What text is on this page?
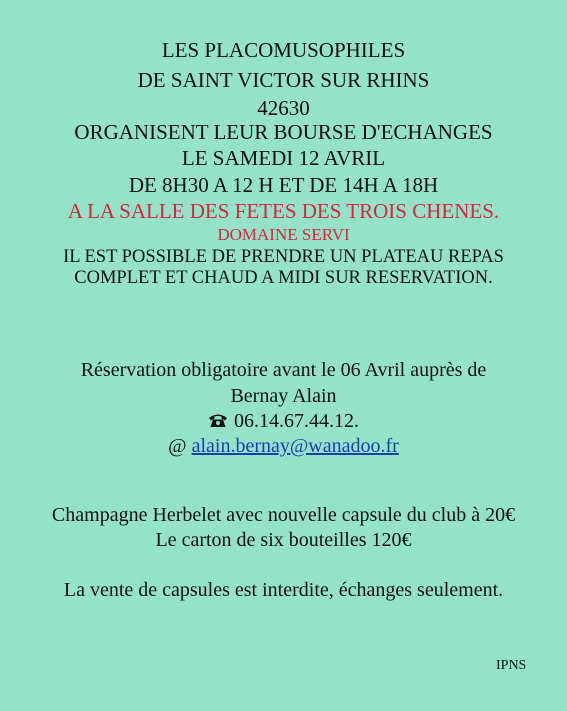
LES PLACOMUSOPHILES
DE SAINT VICTOR SUR RHINS
42630
ORGANISENT LEUR BOURSE D'ECHANGES
LE SAMEDI 12 AVRIL
DE 8H30 A 12 H ET DE 14H A 18H
A LA SALLE DES FETES DES TROIS CHENES.
DOMAINE SERVI
IL EST POSSIBLE DE PRENDRE UN PLATEAU REPAS
COMPLET ET CHAUD A MIDI SUR RESERVATION.
Réservation obligatoire avant le 06 Avril auprès de
Bernay Alain
06.14.67.44.12.
@ alain.bernay@wanadoo.fr
Champagne Herbelet avec nouvelle capsule du club à 20€
Le carton de six bouteilles 120€
La vente de capsules est interdite, échanges seulement.
IPNS
